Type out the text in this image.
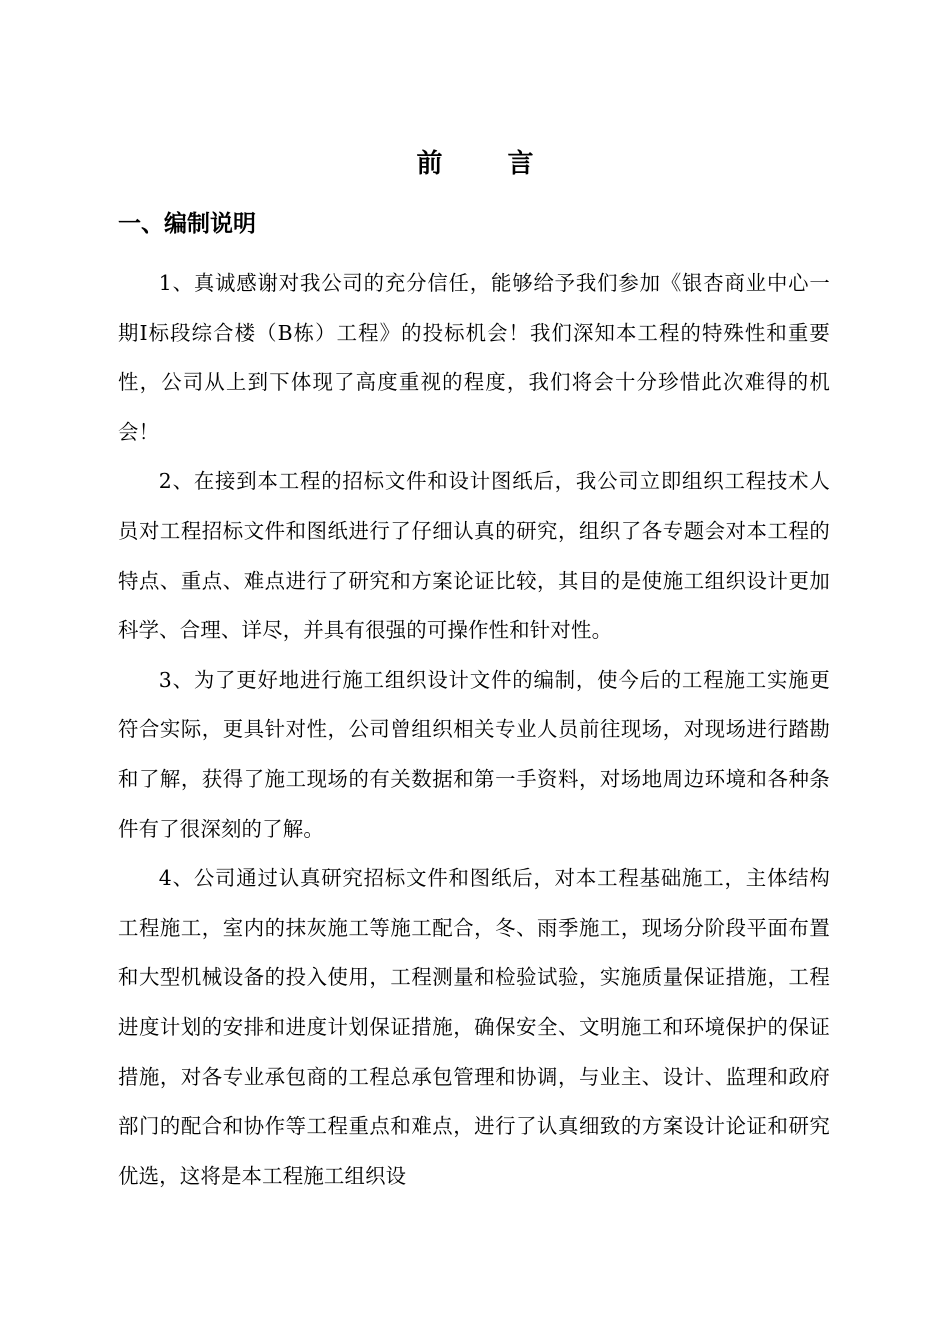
前 言
一、编制说明

1、真诚感谢对我公司的充分信任，能够给予我们参加《银杏商业中心一期Ⅰ标段综合楼（B栋）工程》的投标机会！我们深知本工程的特殊性和重要性，公司从上到下体现了高度重视的程度，我们将会十分珍惜此次难得的机会！

2、在接到本工程的招标文件和设计图纸后，我公司立即组织工程技术人员对工程招标文件和图纸进行了仔细认真的研究，组织了各专题会对本工程的特点、重点、难点进行了研究和方案论证比较，其目的是使施工组织设计更加科学、合理、详尽，并具有很强的可操作性和针对性。

3、为了更好地进行施工组织设计文件的编制，使今后的工程施工实施更符合实际，更具针对性，公司曾组织相关专业人员前往现场，对现场进行踏勘和了解，获得了施工现场的有关数据和第一手资料，对场地周边环境和各种条件有了很深刻的了解。

4、公司通过认真研究招标文件和图纸后，对本工程基础施工，主体结构工程施工，室内的抹灰施工等施工配合，冬、雨季施工，现场分阶段平面布置和大型机械设备的投入使用，工程测量和检验试验，实施质量保证措施，工程进度计划的安排和进度计划保证措施，确保安全、文明施工和环境保护的保证措施，对各专业承包商的工程总承包管理和协调，与业主、设计、监理和政府部门的配合和协作等工程重点和难点，进行了认真细致的方案设计论证和研究优选，这将是本工程施工组织设
